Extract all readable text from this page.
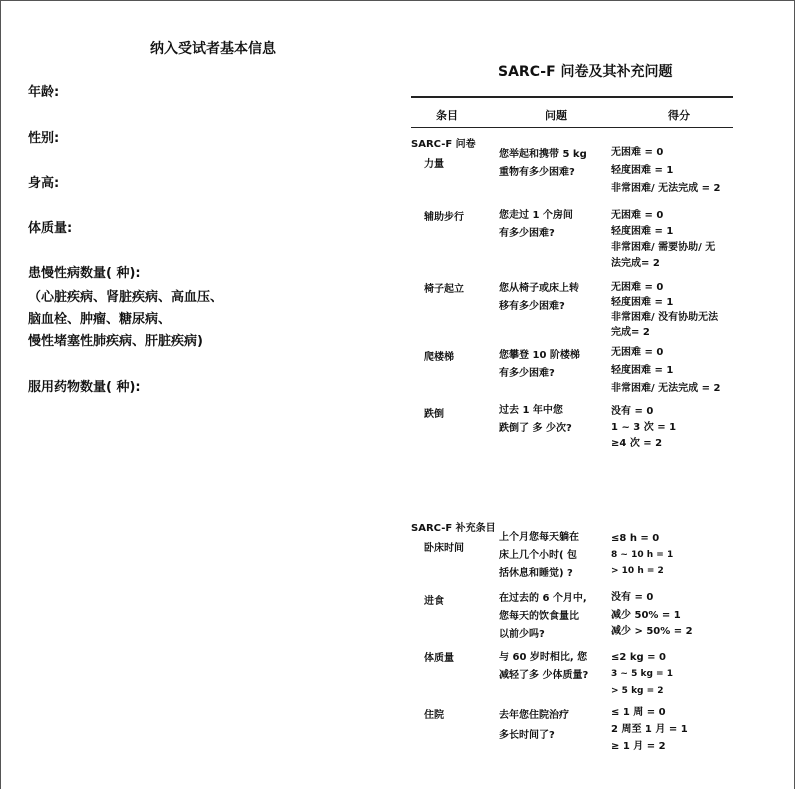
纳入受试者基本信息
年龄:
性别:
身高:
体质量:
患慢性病数量( 种):
（心脏疾病、肾脏疾病、高血压、
脑血栓、肿瘤、糖尿病、
慢性堵塞性肺疾病、肝脏疾病)
服用药物数量( 种):
SARC-F 问卷及其补充问题
条目	问题	得分
SARC-F 问卷
力量
您举起和携带 5 kg
重物有多少困难?
无困难 = 0
轻度困难 = 1
非常困难/ 无法完成 = 2
辅助步行	您走过 1 个房间
有多少困难?
无困难 = 0
轻度困难 = 1
非常困难/ 需要协助/ 无
法完成= 2
椅子起立	您从椅子或床上转
移有多少困难?
无困难 = 0
轻度困难 = 1
非常困难/ 没有协助无法
完成= 2
爬楼梯	您攀登 10 阶楼梯
有多少困难?
无困难 = 0
轻度困难 = 1
非常困难/ 无法完成 = 2
跌倒	过去 1 年中您
跌倒了 多 少次?
没有 = 0
1 ~ 3 次 = 1
≥4 次 = 2
SARC-F 补充条目
卧床时间
上个月您每天躺在
床上几个小时( 包
括休息和睡觉) ?
≤8 h = 0
8 ~ 10 h = 1
> 10 h = 2
进食	在过去的 6 个月中,
您每天的饮食量比
以前少吗?
没有 = 0
减少 50% = 1
减少 > 50% = 2
体质量	与 60 岁时相比, 您
减轻了多 少体质量?
≤2 kg = 0
3 ~ 5 kg = 1
> 5 kg = 2
住院	去年您住院治疗
多长时间了?
≤ 1 周 = 0
2 周至 1 月 = 1
≥ 1 月 = 2
